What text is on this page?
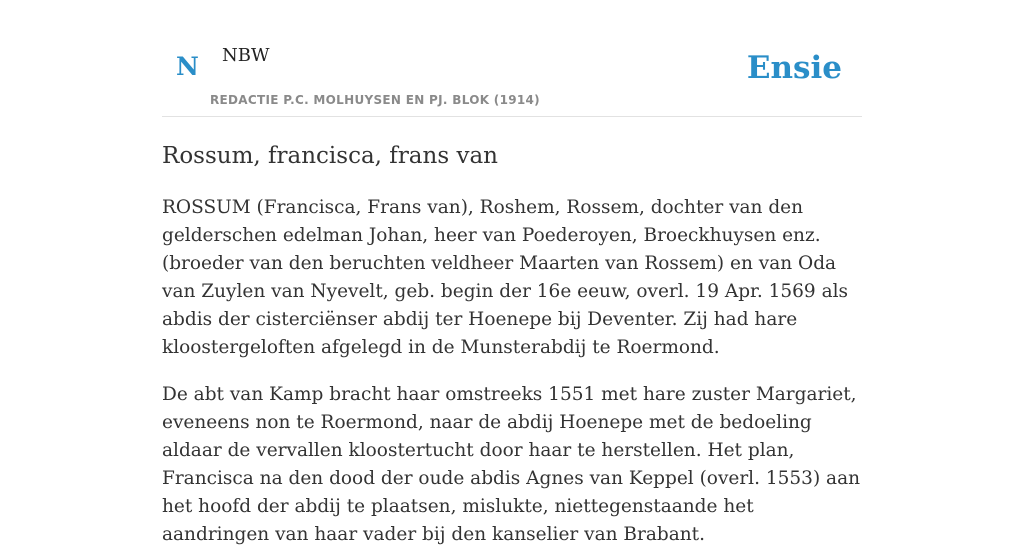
N NBW
REDACTIE P.C. MOLHUYSEN EN PJ. BLOK (1914)
Ensie
Rossum, francisca, frans van

ROSSUM (Francisca, Frans van), Roshem, Rossem, dochter van den gelderschen edelman Johan, heer van Poederoyen, Broeckhuysen enz. (broeder van den beruchten veldheer Maarten van Rossem) en van Oda van Zuylen van Nyevelt, geb. begin der 16e eeuw, overl. 19 Apr. 1569 als abdis der cisterciënser abdij ter Hoenepe bij Deventer. Zij had hare kloostergeloften afgelegd in de Munsterabdij te Roermond.

De abt van Kamp bracht haar omstreeks 1551 met hare zuster Margariet, eveneens non te Roermond, naar de abdij Hoenepe met de bedoeling aldaar de vervallen kloostertucht door haar te herstellen. Het plan, Francisca na den dood der oude abdis Agnes van Keppel (overl. 1553) aan het hoofd der abdij te plaatsen, mislukte, niettegenstaande het aandringen van haar vader bij den kanselier van Brabant.
